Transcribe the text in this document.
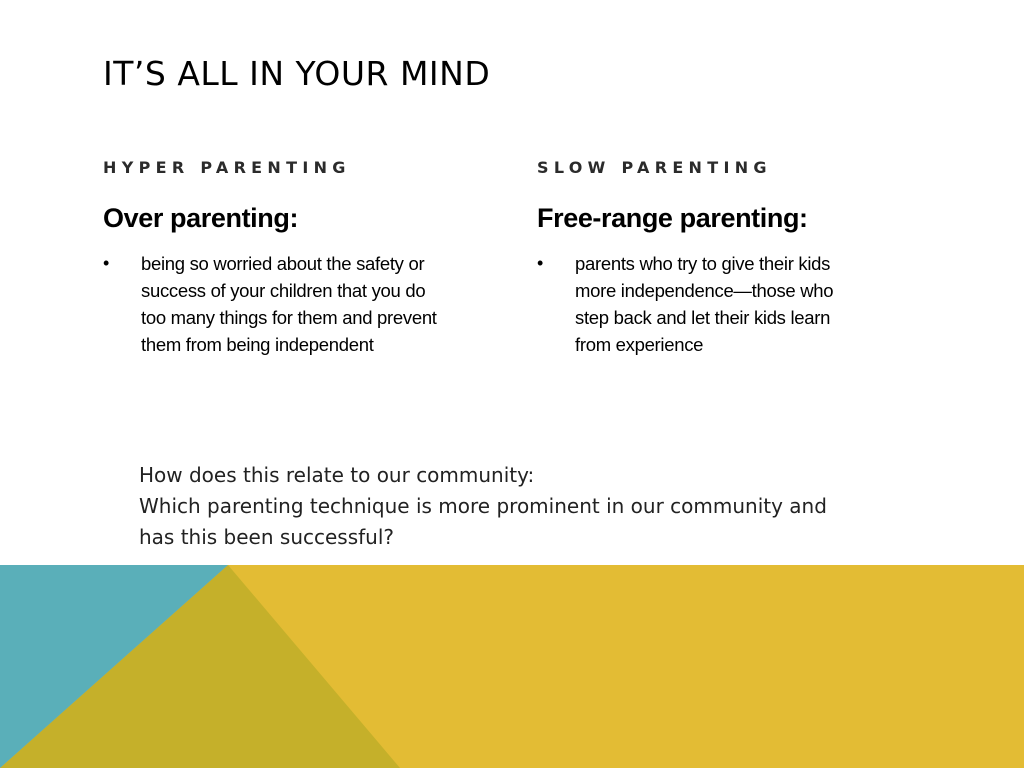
IT’S ALL IN YOUR MIND
HYPER PARENTING
Over parenting:
• being so worried about the safety or success of your children that you do too many things for them and prevent them from being independent
SLOW PARENTING
Free-range parenting:
• parents who try to give their kids more independence—those who step back and let their kids learn from experience
How does this relate to our community:
Which parenting technique is more prominent in our community and
has this been successful?
